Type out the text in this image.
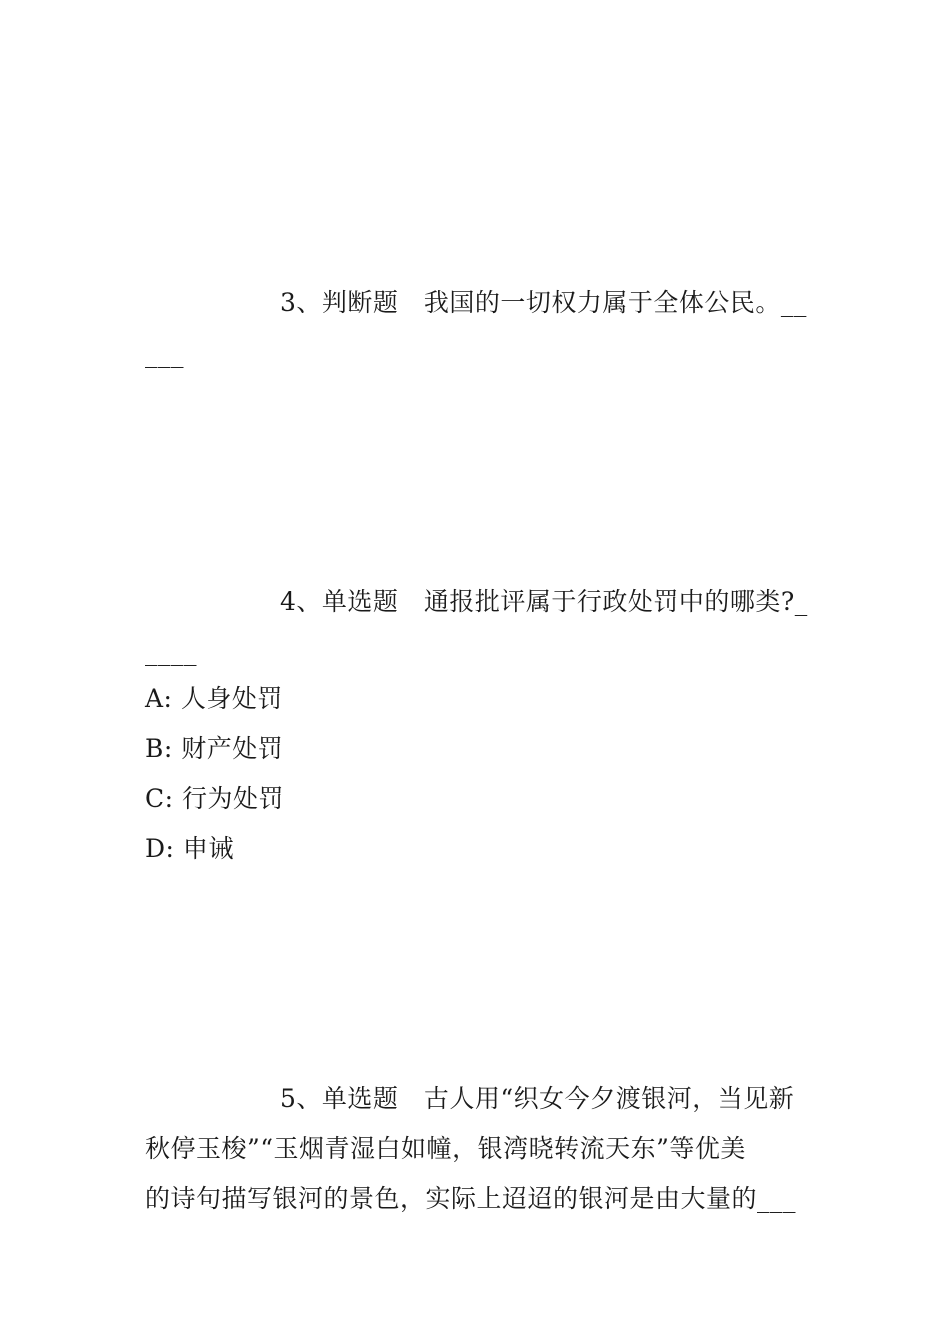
3、判断题　我国的一切权力属于全体公民。__
___
4、单选题　通报批评属于行政处罚中的哪类?_
____
A: 人身处罚
B: 财产处罚
C: 行为处罚
D: 申诫
5、单选题　古人用“织女今夕渡银河，当见新
秋停玉梭”“玉烟青湿白如幢，银湾晓转流天东”等优美
的诗句描写银河的景色，实际上迢迢的银河是由大量的___
